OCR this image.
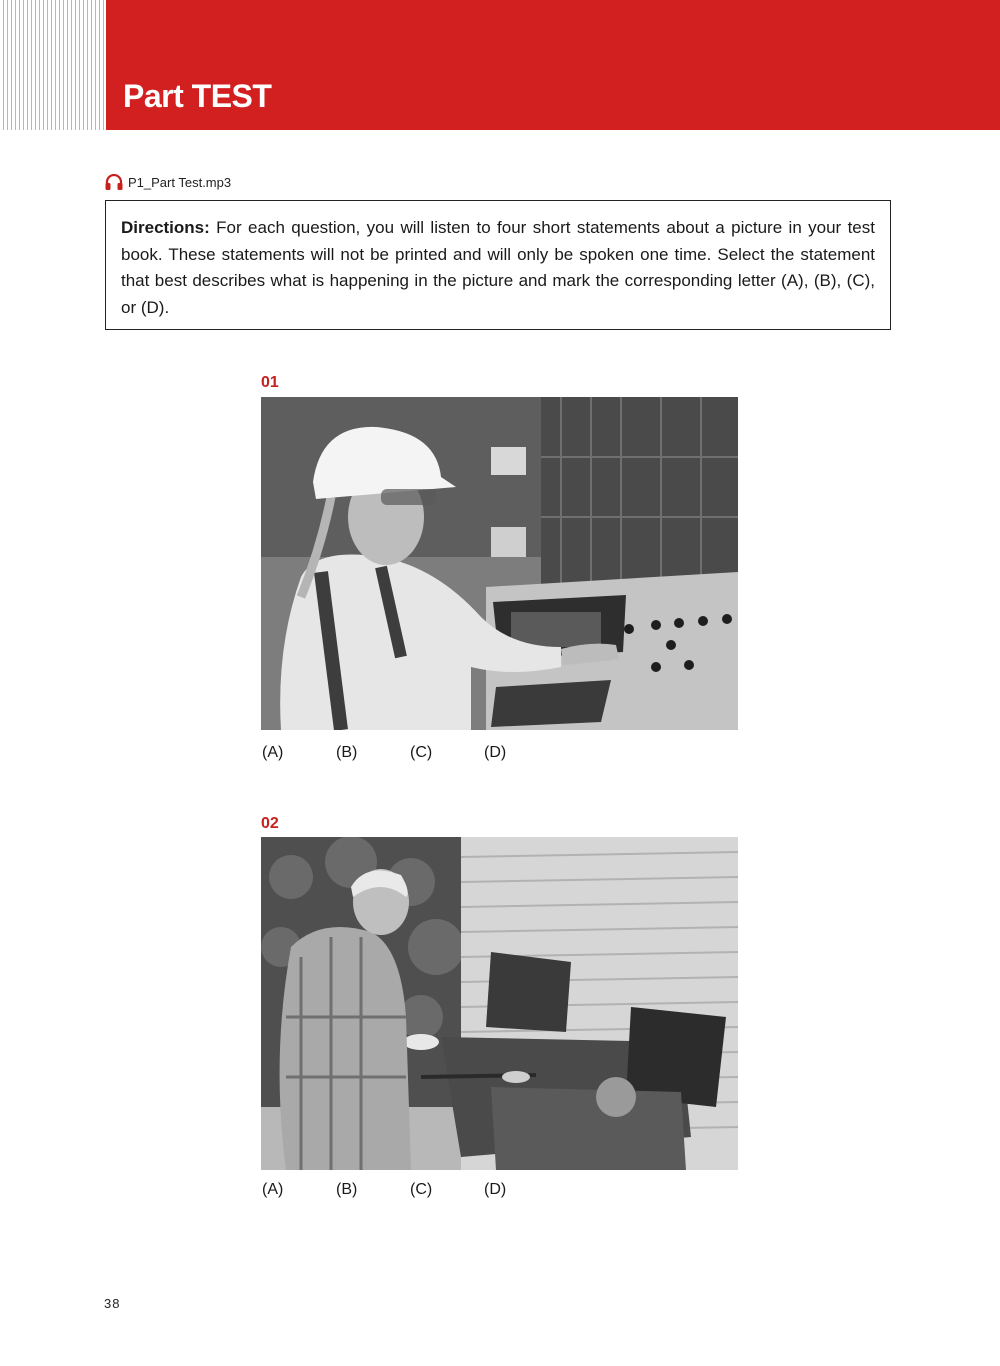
Part TEST
P1_Part Test.mp3
Directions: For each question, you will listen to four short statements about a picture in your test book. These statements will not be printed and will only be spoken one time. Select the statement that best describes what is happening in the picture and mark the corresponding letter (A), (B), (C), or (D).
01
(A)	(B)	(C)	(D)
02
(A)	(B)	(C)	(D)
38
